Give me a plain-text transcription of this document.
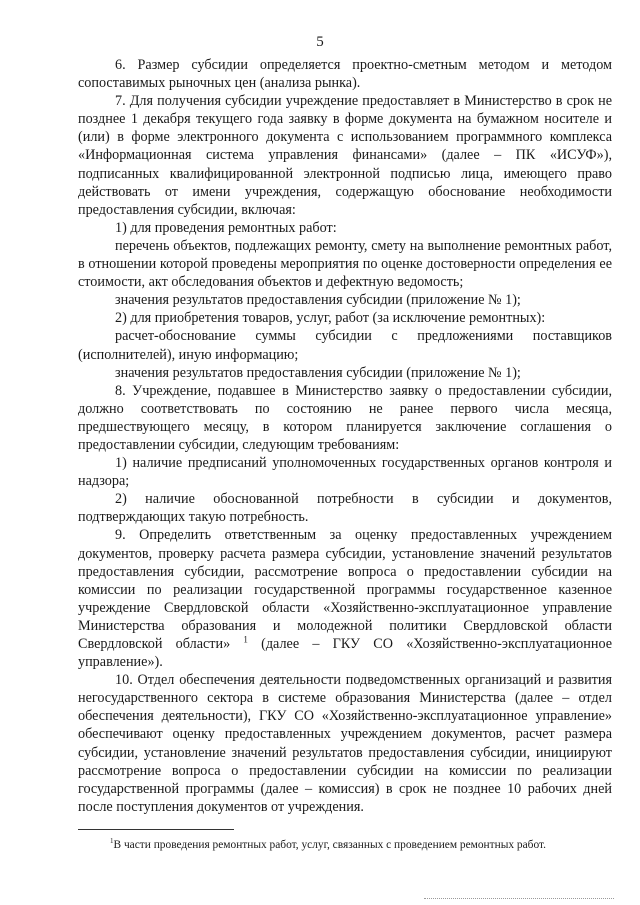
5

6. Размер субсидии определяется проектно-сметным методом и методом сопоставимых рыночных цен (анализа рынка).

7. Для получения субсидии учреждение предоставляет в Министерство в срок не позднее 1 декабря текущего года заявку в форме документа на бумажном носителе и (или) в форме электронного документа с использованием программного комплекса «Информационная система управления финансами» (далее – ПК «ИСУФ»), подписанных квалифицированной электронной подписью лица, имеющего право действовать от имени учреждения, содержащую обоснование необходимости предоставления субсидии, включая:

1) для проведения ремонтных работ:

перечень объектов, подлежащих ремонту, смету на выполнение ремонтных работ, в отношении которой проведены мероприятия по оценке достоверности определения ее стоимости, акт обследования объектов и дефектную ведомость;

значения результатов предоставления субсидии (приложение № 1);

2) для приобретения товаров, услуг, работ (за исключение ремонтных):

расчет-обоснование суммы субсидии с предложениями поставщиков (исполнителей), иную информацию;

значения результатов предоставления субсидии (приложение № 1);

8. Учреждение, подавшее в Министерство заявку о предоставлении субсидии, должно соответствовать по состоянию не ранее первого числа месяца, предшествующего месяцу, в котором планируется заключение соглашения о предоставлении субсидии, следующим требованиям:

1) наличие предписаний уполномоченных государственных органов контроля и надзора;

2) наличие обоснованной потребности в субсидии и документов, подтверждающих такую потребность.

9. Определить ответственным за оценку предоставленных учреждением документов, проверку расчета размера субсидии, установление значений результатов предоставления субсидии, рассмотрение вопроса о предоставлении субсидии на комиссии по реализации государственной программы государственное казенное учреждение Свердловской области «Хозяйственно-эксплуатационное управление Министерства образования и молодежной политики Свердловской области Свердловской области» $^1$ (далее – ГКУ СО «Хозяйственно-эксплуатационное управление»).

10. Отдел обеспечения деятельности подведомственных организаций и развития негосударственного сектора в системе образования Министерства (далее – отдел обеспечения деятельности), ГКУ СО «Хозяйственно-эксплуатационное управление» обеспечивают оценку предоставленных учреждением документов, расчет размера субсидии, установление значений результатов предоставления субсидии, инициируют рассмотрение вопроса о предоставлении субсидии на комиссии по реализации государственной программы (далее – комиссия) в срок не позднее 10 рабочих дней после поступления документов от учреждения.

$^1$В части проведения ремонтных работ, услуг, связанных с проведением ремонтных работ.
